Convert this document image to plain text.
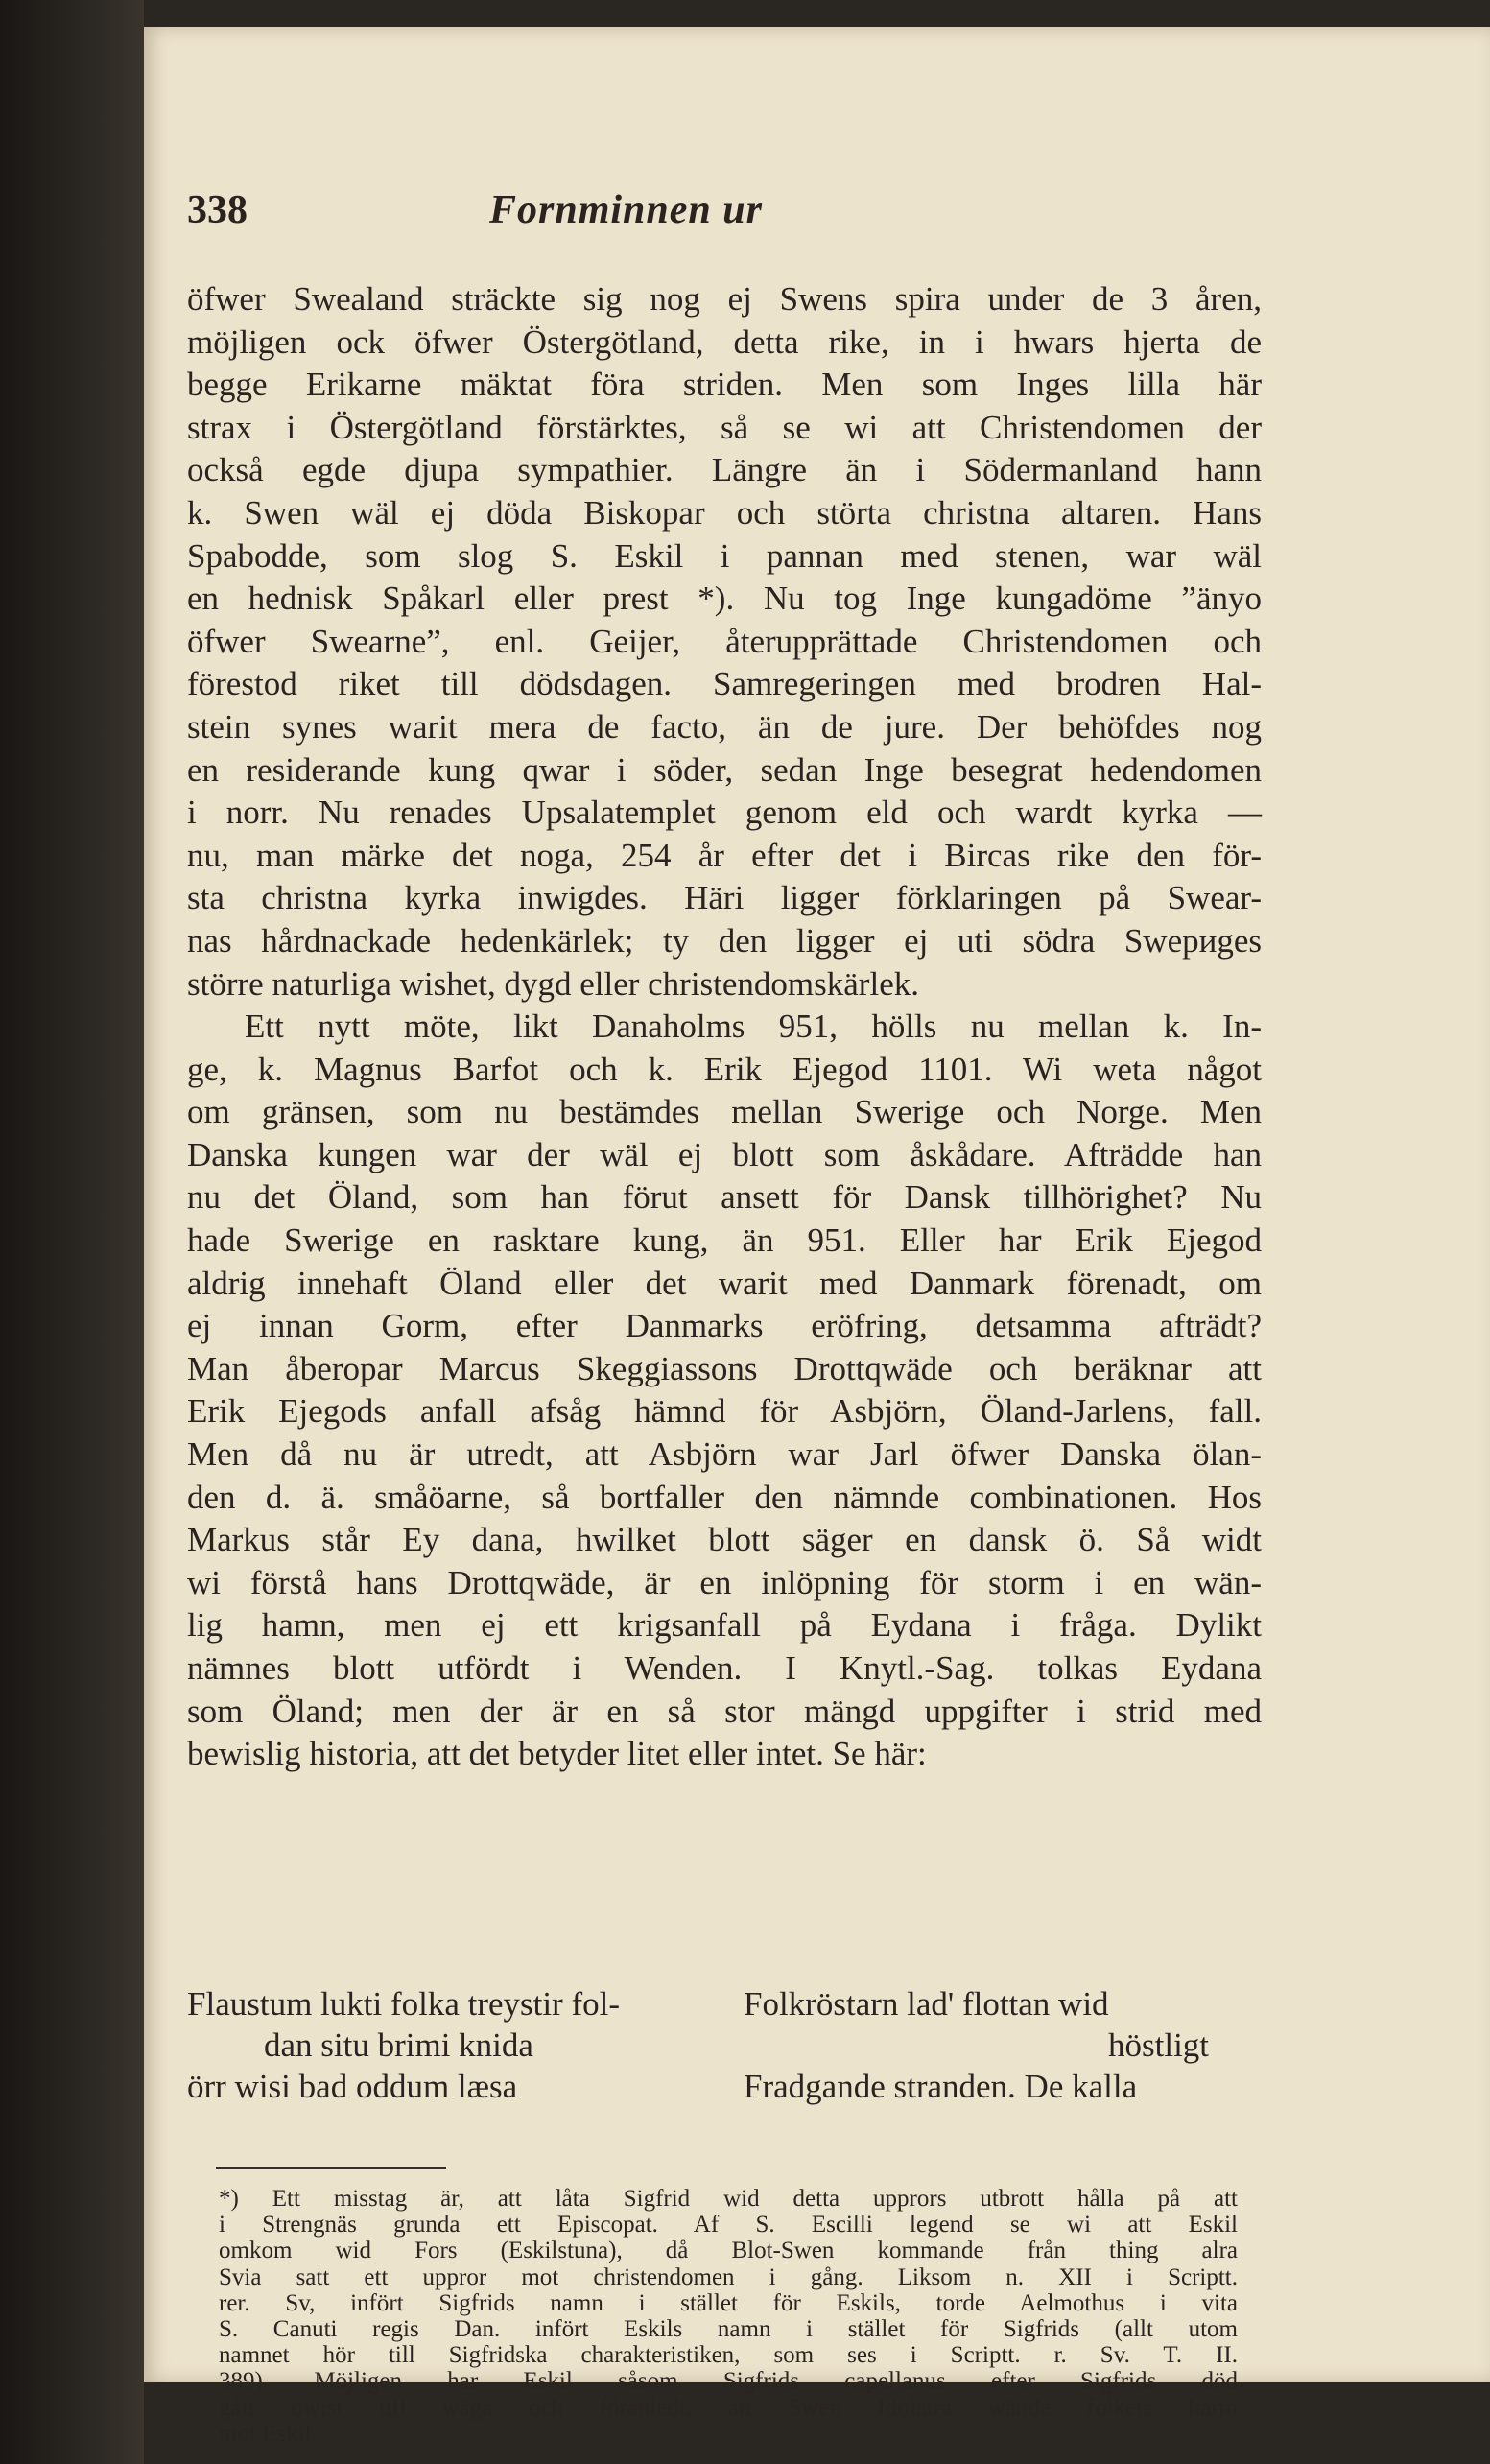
338	Fornminnen ur
öfwer Swealand sträckte sig nog ej Swens spira under de 3 åren,
möjligen ock öfwer Östergötland, detta rike, in i hwars hjerta de
begge Erikarne mäktat föra striden. Men som Inges lilla här
strax i Östergötland förstärktes, så se wi att Christendomen der
också egde djupa sympathier. Längre än i Södermanland hann
k. Swen wäl ej döda Biskopar och störta christna altaren. Hans
Spabodde, som slog S. Eskil i pannan med stenen, war wäl
en hednisk Spåkarl eller prest *). Nu tog Inge kungadöme ”änyo
öfwer Swearne”, enl. Geijer, återupprättade Christendomen och
förestod riket till dödsdagen. Samregeringen med brodren Hal-
stein synes warit mera de facto, än de jure. Der behöfdes nog
en residerande kung qwar i söder, sedan Inge besegrat hedendomen
i norr. Nu renades Upsalatemplet genom eld och wardt kyrka —
nu, man märke det noga, 254 år efter det i Bircas rike den för-
sta christna kyrka inwigdes. Häri ligger förklaringen på Swear-
nas hårdnackade hedenkärlek; ty den ligger ej uti södra Swериges
större naturliga wishet, dygd eller christendomskärlek.
Ett nytt möte, likt Danaholms 951, hölls nu mellan k. In-
ge, k. Magnus Barfot och k. Erik Ejegod 1101. Wi weta något
om gränsen, som nu bestämdes mellan Swerige och Norge. Men
Danska kungen war der wäl ej blott som åskådare. Afträdde han
nu det Öland, som han förut ansett för Dansk tillhörighet? Nu
hade Swerige en rasktare kung, än 951. Eller har Erik Ejegod
aldrig innehaft Öland eller det warit med Danmark förenadt, om
ej innan Gorm, efter Danmarks eröfring, detsamma afträdt?
Man åberopar Marcus Skeggiassons Drottqwäde och beräknar att
Erik Ejegods anfall afsåg hämnd för Asbjörn, Öland-Jarlens, fall.
Men då nu är utredt, att Asbjörn war Jarl öfwer Danska ölan-
den d. ä. småöarne, så bortfaller den nämnde combinationen. Hos
Markus står Ey dana, hwilket blott säger en dansk ö. Så widt
wi förstå hans Drottqwäde, är en inlöpning för storm i en wän-
lig hamn, men ej ett krigsanfall på Eydana i fråga. Dylikt
nämnes blott utfördt i Wenden. I Knytl.-Sag. tolkas Eydana
som Öland; men der är en så stor mängd uppgifter i strid med
bewislig historia, att det betyder litet eller intet. Se här:
Flaustum lukti folka treystir fol-	Folkröstarn lad' flottan wid
dan situ brimi knida	höstligt
örr wisi bad oddum læsa	Fradgande stranden. De kalla
*) Ett misstag är, att låta Sigfrid wid detta upprors utbrott hålla på att
i Strengnäs grunda ett Episcopat. Af S. Escilli legend se wi att Eskil
omkom wid Fors (Eskilstuna), då Blot-Swen kommande från thing alra
Svia satt ett uppror mot christendomen i gång. Liksom n. XII i Scriptt.
rer. Sv, infört Sigfrids namn i stället för Eskils, torde Aelmothus i vita
S. Canuti regis Dan. infört Eskils namn i stället för Sigfrids (allt utom
namnet hör till Sigfridska charakteristiken, som ses i Scriptt. r. Sv. T. II.
389). Möjligen har Eskil såsom Sigfrids capellanus efter Sigfrids död
gått owist till wäga och föranledt, att Swen Idolatra wände folkets harm
mot Eskil.
